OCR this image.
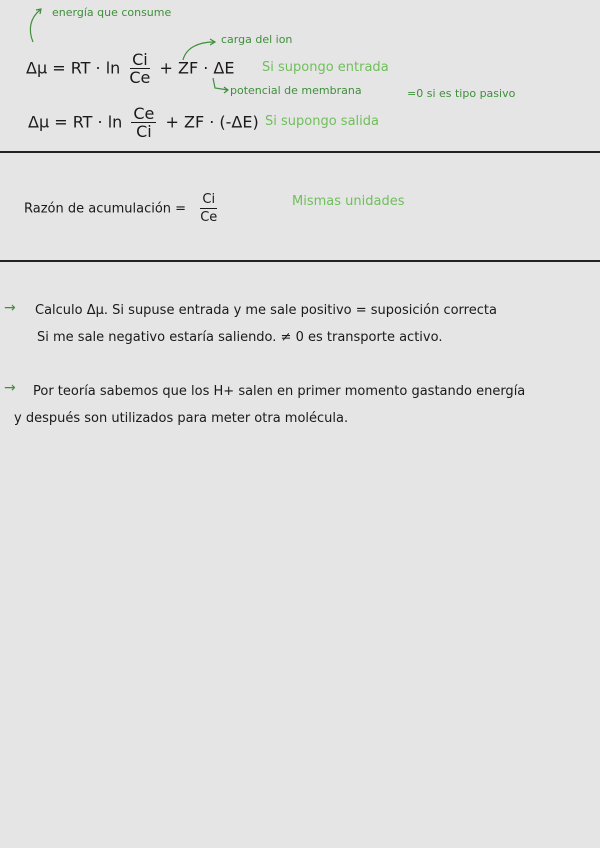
energía que consume
carga del ion
Δμ = RT · $\ln \frac{Ci}{Ce}$ + ZF · ΔE Si supongo entrada
potencial de membrana	=0 si es tipo pasivo
Δμ = RT · $\ln \frac{Ce}{Ci}$ + ZF · (-ΔE) Si supongo salida
Razón de acumulación = $\frac{Ci}{Ce}$	Mismas unidades
→ Calculo Δμ. Si supuse entrada y me sale positivo = suposición correcta
Si me sale negativo estaría saliendo. ≠ 0 es transporte activo.
→ Por teoría sabemos que los H+ salen en primer momento gastando energía
y después son utilizados para meter otra molécula.
